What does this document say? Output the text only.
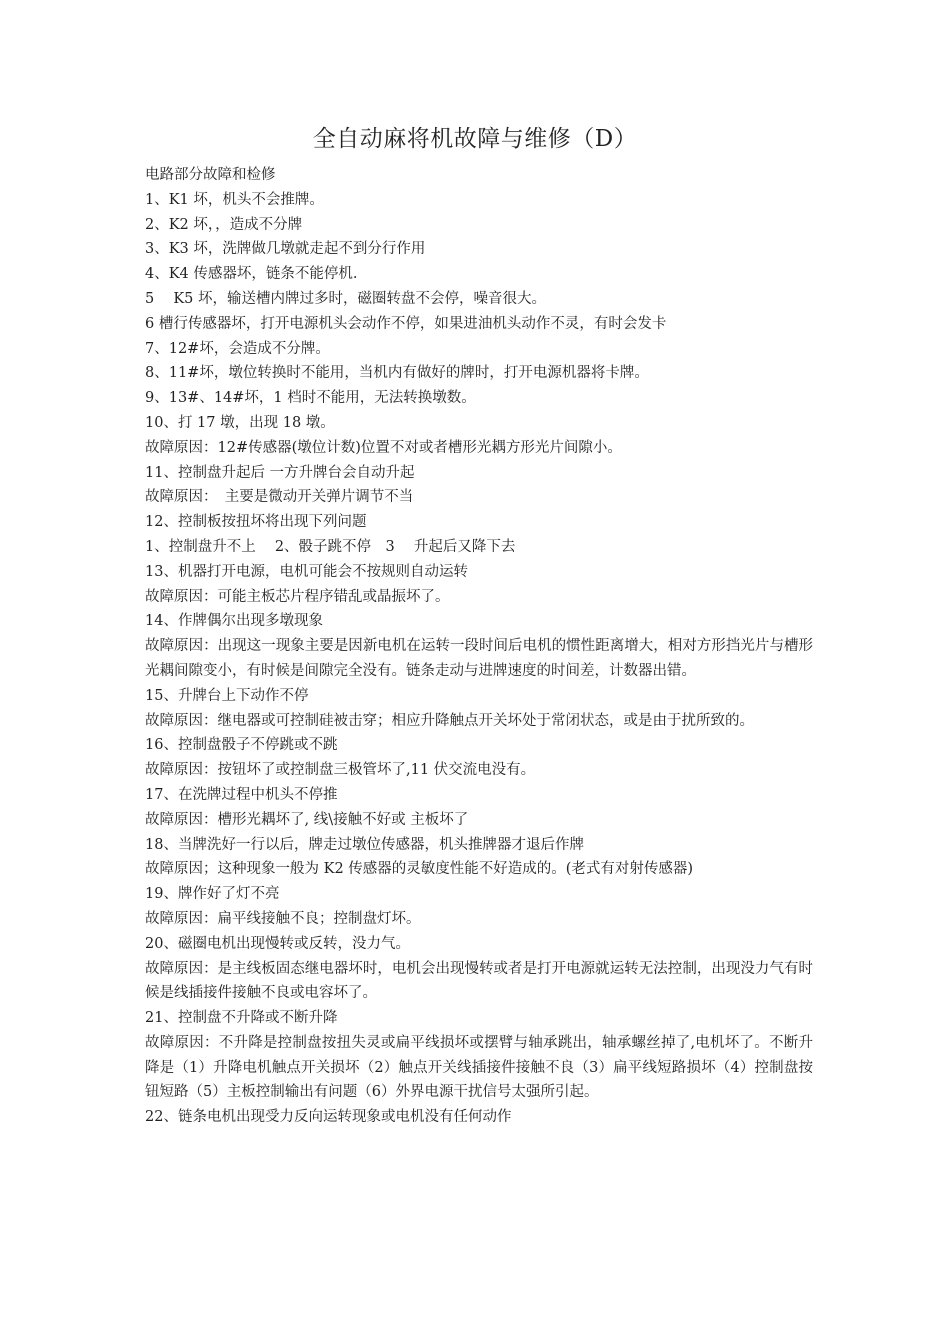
全自动麻将机故障与维修（D）
电路部分故障和检修
1、K1 坏，机头不会推牌。
2、K2 坏，，造成不分牌
3、K3 坏，洗牌做几墩就走起不到分行作用
4、K4 传感器坏，链条不能停机.
5　 K5 坏，输送槽内牌过多时，磁圈转盘不会停，噪音很大。
6 槽行传感器坏，打开电源机头会动作不停，如果进油机头动作不灵，有时会发卡
7、12#坏，会造成不分牌。
8、11#坏，墩位转换时不能用，当机内有做好的牌时，打开电源机器将卡牌。
9、13#、14#坏，1 档时不能用，无法转换墩数。
10、打 17 墩，出现 18 墩。
故障原因：12#传感器(墩位计数)位置不对或者槽形光耦方形光片间隙小。
11、控制盘升起后 一方升牌台会自动升起
故障原因：　主要是微动开关弹片调节不当
12、控制板按扭坏将出现下列问题
1、控制盘升不上　 2、骰子跳不停　3　 升起后又降下去
13、机器打开电源，电机可能会不按规则自动运转
故障原因：可能主板芯片程序错乱或晶振坏了。
14、作牌偶尔出现多墩现象
故障原因：出现这一现象主要是因新电机在运转一段时间后电机的惯性距离增大，相对方形挡光片与槽形光耦间隙变小，有时候是间隙完全没有。链条走动与进牌速度的时间差，计数器出错。
15、升牌台上下动作不停
故障原因：继电器或可控制硅被击穿；相应升降触点开关坏处于常闭状态，或是由于扰所致的。
16、控制盘骰子不停跳或不跳
故障原因：按钮坏了或控制盘三极管坏了,11 伏交流电没有。
17、在洗牌过程中机头不停推
故障原因：槽形光耦坏了, 线\接触不好或 主板坏了
18、当牌洗好一行以后，牌走过墩位传感器，机头推牌器才退后作牌
故障原因；这种现象一般为 K2 传感器的灵敏度性能不好造成的。(老式有对射传感器)
19、牌作好了灯不亮
故障原因：扁平线接触不良；控制盘灯坏。
20、磁圈电机出现慢转或反转，没力气。
故障原因：是主线板固态继电器坏时，电机会出现慢转或者是打开电源就运转无法控制，出现没力气有时候是线插接件接触不良或电容坏了。
21、控制盘不升降或不断升降
故障原因：不升降是控制盘按扭失灵或扁平线损坏或摆臂与轴承跳出，轴承螺丝掉了,电机坏了。不断升降是（1）升降电机触点开关损坏（2）触点开关线插接件接触不良（3）扁平线短路损坏（4）控制盘按钮短路（5）主板控制输出有问题（6）外界电源干扰信号太强所引起。
22、链条电机出现受力反向运转现象或电机没有任何动作
